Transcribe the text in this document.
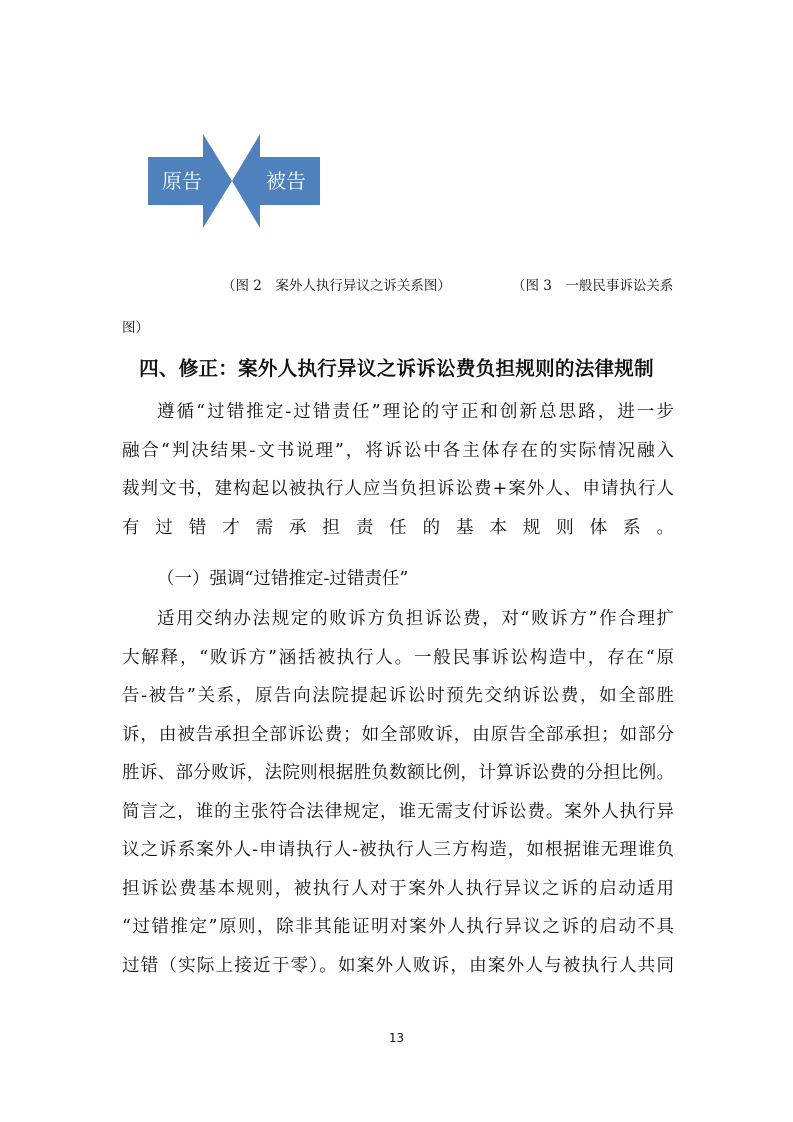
原告	被告
（图 2　案外人执行异议之诉关系图）	（图 3　一般民事诉讼关系
图）
四、修正：案外人执行异议之诉诉讼费负担规则的法律规制
遵循“过错推定-过错责任”理论的守正和创新总思路，进一步
融合“判决结果-文书说理”，将诉讼中各主体存在的实际情况融入
裁判文书，建构起以被执行人应当负担诉讼费+案外人、申请执行人
有过错才需承担责任的基本规则体系。
（一）强调“过错推定-过错责任”
适用交纳办法规定的败诉方负担诉讼费，对“败诉方”作合理扩
大解释，“败诉方”涵括被执行人。一般民事诉讼构造中，存在“原
告-被告”关系，原告向法院提起诉讼时预先交纳诉讼费，如全部胜
诉，由被告承担全部诉讼费；如全部败诉，由原告全部承担；如部分
胜诉、部分败诉，法院则根据胜负数额比例，计算诉讼费的分担比例。
简言之，谁的主张符合法律规定，谁无需支付诉讼费。案外人执行异
议之诉系案外人-申请执行人-被执行人三方构造，如根据谁无理谁负
担诉讼费基本规则，被执行人对于案外人执行异议之诉的启动适用
“过错推定”原则，除非其能证明对案外人执行异议之诉的启动不具
过错（实际上接近于零）。如案外人败诉，由案外人与被执行人共同
13
